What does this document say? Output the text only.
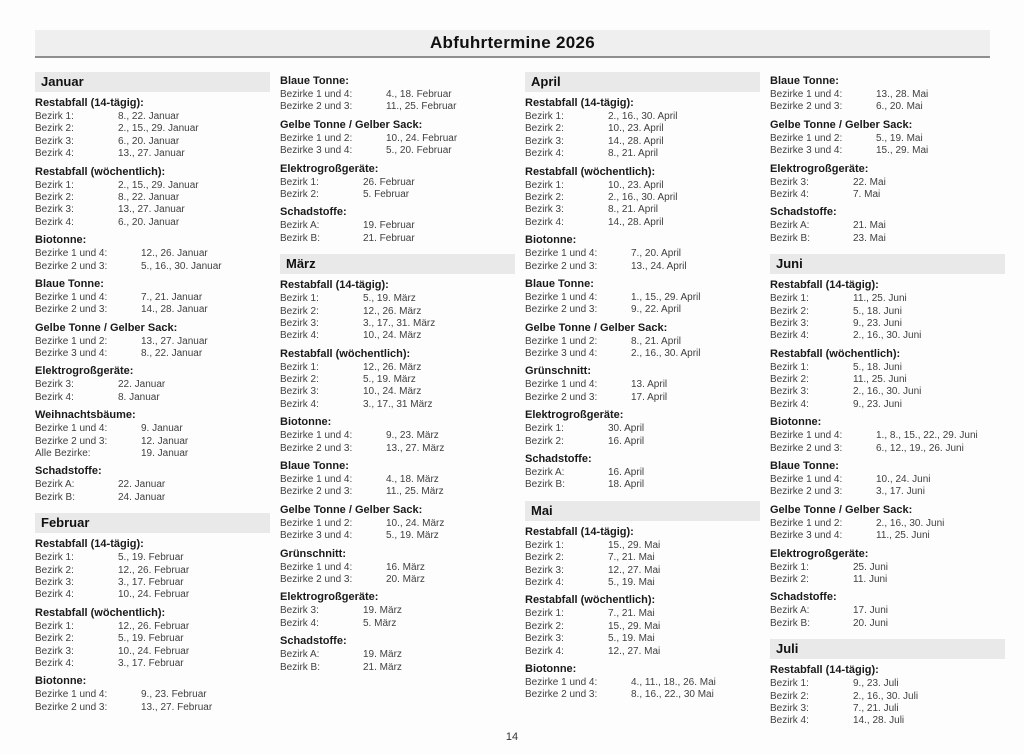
Abfuhrtermine 2026
Januar
Restabfall (14-tägig):
Bezirk 1:	8., 22. Januar
Bezirk 2:	2., 15., 29. Januar
Bezirk 3:	6., 20. Januar
Bezirk 4:	13., 27. Januar
Restabfall (wöchentlich):
Bezirk 1:	2., 15., 29. Januar
Bezirk 2:	8., 22. Januar
Bezirk 3:	13., 27. Januar
Bezirk 4:	6., 20. Januar
Biotonne:
Bezirke 1 und 4:	12., 26. Januar
Bezirke 2 und 3:	5., 16., 30. Januar
Blaue Tonne:
Bezirke 1 und 4:	7., 21. Januar
Bezirke 2 und 3:	14., 28. Januar
Gelbe Tonne / Gelber Sack:
Bezirke 1 und 2:	13., 27. Januar
Bezirke 3 und 4:	8., 22. Januar
Elektrogroßgeräte:
Bezirk 3:	22. Januar
Bezirk 4:	8. Januar
Weihnachtsbäume:
Bezirke 1 und 4:	9. Januar
Bezirke 2 und 3:	12. Januar
Alle Bezirke:	19. Januar
Schadstoffe:
Bezirk A:	22. Januar
Bezirk B:	24. Januar
Februar
Restabfall (14-tägig):
Bezirk 1:	5., 19. Februar
Bezirk 2:	12., 26. Februar
Bezirk 3:	3., 17. Februar
Bezirk 4:	10., 24. Februar
Restabfall (wöchentlich):
Bezirk 1:	12., 26. Februar
Bezirk 2:	5., 19. Februar
Bezirk 3:	10., 24. Februar
Bezirk 4:	3., 17. Februar
Biotonne:
Bezirke 1 und 4:	9., 23. Februar
Bezirke 2 und 3:	13., 27. Februar
Blaue Tonne:
Bezirke 1 und 4:	4., 18. Februar
Bezirke 2 und 3:	11., 25. Februar
Gelbe Tonne / Gelber Sack:
Bezirke 1 und 2:	10., 24. Februar
Bezirke 3 und 4:	5., 20. Februar
Elektrogroßgeräte:
Bezirk 1:	26. Februar
Bezirk 2:	5. Februar
Schadstoffe:
Bezirk A:	19. Februar
Bezirk B:	21. Februar
März
Restabfall (14-tägig):
Bezirk 1:	5., 19. März
Bezirk 2:	12., 26. März
Bezirk 3:	3., 17., 31. März
Bezirk 4:	10., 24. März
Restabfall (wöchentlich):
Bezirk 1:	12., 26. März
Bezirk 2:	5., 19. März
Bezirk 3:	10., 24. März
Bezirk 4:	3., 17., 31 März
Biotonne:
Bezirke 1 und 4:	9., 23. März
Bezirke 2 und 3:	13., 27. März
Blaue Tonne:
Bezirke 1 und 4:	4., 18. März
Bezirke 2 und 3:	11., 25. März
Gelbe Tonne / Gelber Sack:
Bezirke 1 und 2:	10., 24. März
Bezirke 3 und 4:	5., 19. März
Grünschnitt:
Bezirke 1 und 4:	16. März
Bezirke 2 und 3:	20. März
Elektrogroßgeräte:
Bezirk 3:	19. März
Bezirk 4:	5. März
Schadstoffe:
Bezirk A:	19. März
Bezirk B:	21. März
April
Restabfall (14-tägig):
Bezirk 1:	2., 16., 30. April
Bezirk 2:	10., 23. April
Bezirk 3:	14., 28. April
Bezirk 4:	8., 21. April
Restabfall (wöchentlich):
Bezirk 1:	10., 23. April
Bezirk 2:	2., 16., 30. April
Bezirk 3:	8., 21. April
Bezirk 4:	14., 28. April
Biotonne:
Bezirke 1 und 4:	7., 20. April
Bezirke 2 und 3:	13., 24. April
Blaue Tonne:
Bezirke 1 und 4:	1., 15., 29. April
Bezirke 2 und 3:	9., 22. April
Gelbe Tonne / Gelber Sack:
Bezirke 1 und 2:	8., 21. April
Bezirke 3 und 4:	2., 16., 30. April
Grünschnitt:
Bezirke 1 und 4:	13. April
Bezirke 2 und 3:	17. April
Elektrogroßgeräte:
Bezirk 1:	30. April
Bezirk 2:	16. April
Schadstoffe:
Bezirk A:	16. April
Bezirk B:	18. April
Mai
Restabfall (14-tägig):
Bezirk 1:	15., 29. Mai
Bezirk 2:	7., 21. Mai
Bezirk 3:	12., 27. Mai
Bezirk 4:	5., 19. Mai
Restabfall (wöchentlich):
Bezirk 1:	7., 21. Mai
Bezirk 2:	15., 29. Mai
Bezirk 3:	5., 19. Mai
Bezirk 4:	12., 27. Mai
Biotonne:
Bezirke 1 und 4:	4., 11., 18., 26. Mai
Bezirke 2 und 3:	8., 16., 22., 30 Mai
Blaue Tonne:
Bezirke 1 und 4:	13., 28. Mai
Bezirke 2 und 3:	6., 20. Mai
Gelbe Tonne / Gelber Sack:
Bezirke 1 und 2:	5., 19. Mai
Bezirke 3 und 4:	15., 29. Mai
Elektrogroßgeräte:
Bezirk 3:	22. Mai
Bezirk 4:	7. Mai
Schadstoffe:
Bezirk A:	21. Mai
Bezirk B:	23. Mai
Juni
Restabfall (14-tägig):
Bezirk 1:	11., 25. Juni
Bezirk 2:	5., 18. Juni
Bezirk 3:	9., 23. Juni
Bezirk 4:	2., 16., 30. Juni
Restabfall (wöchentlich):
Bezirk 1:	5., 18. Juni
Bezirk 2:	11., 25. Juni
Bezirk 3:	2., 16., 30. Juni
Bezirk 4:	9., 23. Juni
Biotonne:
Bezirke 1 und 4:	1., 8., 15., 22., 29. Juni
Bezirke 2 und 3:	6., 12., 19., 26. Juni
Blaue Tonne:
Bezirke 1 und 4:	10., 24. Juni
Bezirke 2 und 3:	3., 17. Juni
Gelbe Tonne / Gelber Sack:
Bezirke 1 und 2:	2., 16., 30. Juni
Bezirke 3 und 4:	11., 25. Juni
Elektrogroßgeräte:
Bezirk 1:	25. Juni
Bezirk 2:	11. Juni
Schadstoffe:
Bezirk A:	17. Juni
Bezirk B:	20. Juni
Juli
Restabfall (14-tägig):
Bezirk 1:	9., 23. Juli
Bezirk 2:	2., 16., 30. Juli
Bezirk 3:	7., 21. Juli
Bezirk 4:	14., 28. Juli
14
